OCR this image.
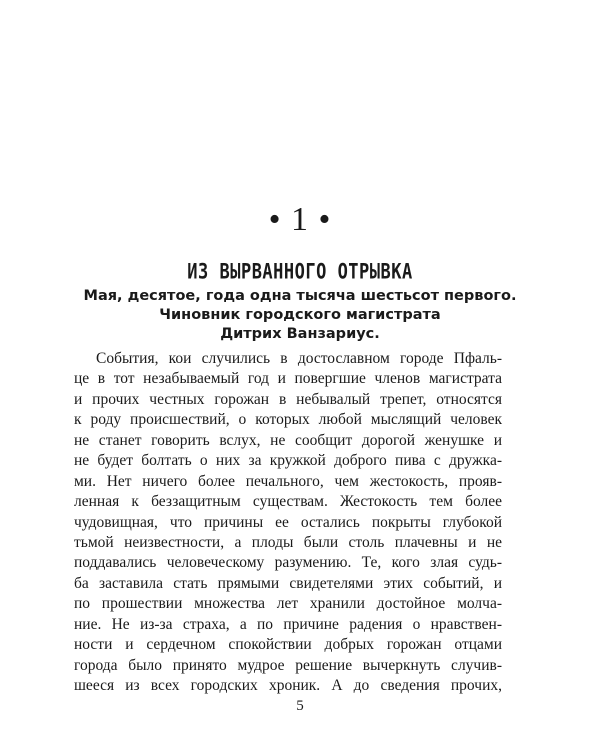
• 1 •
ИЗ ВЫРВАННОГО ОТРЫВКА
Мая, десятое, года одна тысяча шестьсот первого.
Чиновник городского магистрата
Дитрих Ванзариус.
События, кои случились в достославном городе Пфаль-
це в тот незабываемый год и повергшие членов магистрата
и прочих честных горожан в небывалый трепет, относятся
к роду происшествий, о которых любой мыслящий человек
не станет говорить вслух, не сообщит дорогой женушке и
не будет болтать о них за кружкой доброго пива с дружка-
ми. Нет ничего более печального, чем жестокость, прояв-
ленная к беззащитным существам. Жестокость тем более
чудовищная, что причины ее остались покрыты глубокой
тьмой неизвестности, а плоды были столь плачевны и не
поддавались человеческому разумению. Те, кого злая судь-
ба заставила стать прямыми свидетелями этих событий, и
по прошествии множества лет хранили достойное молча-
ние. Не из-за страха, а по причине радения о нравствен-
ности и сердечном спокойствии добрых горожан отцами
города было принято мудрое решение вычеркнуть случив-
шееся из всех городских хроник. А до сведения прочих,
5
